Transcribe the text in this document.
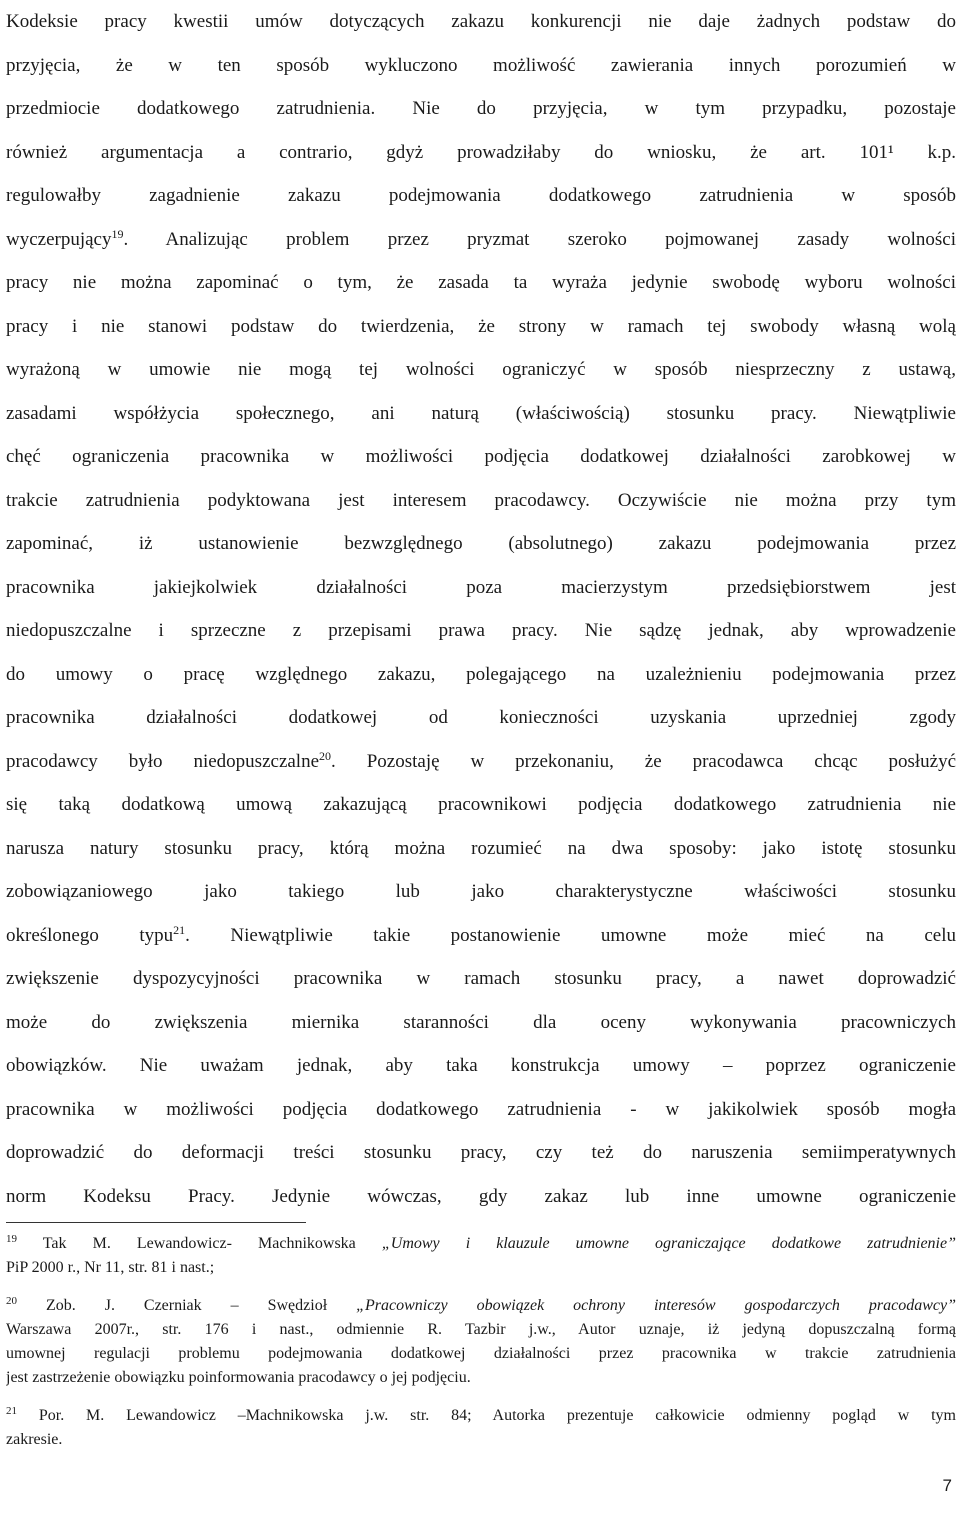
Kodeksie pracy kwestii umów dotyczących zakazu konkurencji nie daje żadnych podstaw do
przyjęcia, że w ten sposób wykluczono możliwość zawierania innych porozumień w
przedmiocie dodatkowego zatrudnienia. Nie do przyjęcia, w tym przypadku, pozostaje
również argumentacja a contrario, gdyż prowadziłaby do wniosku, że art. 101¹ k.p.
regulowałby zagadnienie zakazu podejmowania dodatkowego zatrudnienia w sposób
wyczerpujący$^{19}$. Analizując problem przez pryzmat szeroko pojmowanej zasady wolności
pracy nie można zapominać o tym, że zasada ta wyraża jedynie swobodę wyboru wolności
pracy i nie stanowi podstaw do twierdzenia, że strony w ramach tej swobody własną wolą
wyrażoną w umowie nie mogą tej wolności ograniczyć w sposób niesprzeczny z ustawą,
zasadami współżycia społecznego, ani naturą (właściwością) stosunku pracy. Niewątpliwie
chęć ograniczenia pracownika w możliwości podjęcia dodatkowej działalności zarobkowej w
trakcie zatrudnienia podyktowana jest interesem pracodawcy. Oczywiście nie można przy tym
zapominać, iż ustanowienie bezwzględnego (absolutnego) zakazu podejmowania przez
pracownika jakiejkolwiek działalności poza macierzystym przedsiębiorstwem jest
niedopuszczalne i sprzeczne z przepisami prawa pracy. Nie sądzę jednak, aby wprowadzenie
do umowy o pracę względnego zakazu, polegającego na uzależnieniu podejmowania przez
pracownika działalności dodatkowej od konieczności uzyskania uprzedniej zgody
pracodawcy było niedopuszczalne$^{20}$. Pozostaję w przekonaniu, że pracodawca chcąc posłużyć
się taką dodatkową umową zakazującą pracownikowi podjęcia dodatkowego zatrudnienia nie
narusza natury stosunku pracy, którą można rozumieć na dwa sposoby: jako istotę stosunku
zobowiązaniowego jako takiego lub jako charakterystyczne właściwości stosunku
określonego typu$^{21}$. Niewątpliwie takie postanowienie umowne może mieć na celu
zwiększenie dyspozycyjności pracownika w ramach stosunku pracy, a nawet doprowadzić
może do zwiększenia miernika staranności dla oceny wykonywania pracowniczych
obowiązków. Nie uważam jednak, aby taka konstrukcja umowy – poprzez ograniczenie
pracownika w możliwości podjęcia dodatkowego zatrudnienia - w jakikolwiek sposób mogła
doprowadzić do deformacji treści stosunku pracy, czy też do naruszenia semiimperatywnych
norm Kodeksu Pracy. Jedynie wówczas, gdy zakaz lub inne umowne ograniczenie
$^{19}$ Tak M. Lewandowicz- Machnikowska „Umowy i klauzule umowne ograniczające dodatkowe zatrudnienie”
PiP 2000 r., Nr 11, str. 81 i nast.;
$^{20}$ Zob. J. Czerniak – Swędzioł „Pracowniczy obowiązek ochrony interesów gospodarczych pracodawcy”
Warszawa 2007r., str. 176 i nast., odmiennie R. Tazbir j.w., Autor uznaje, iż jedyną dopuszczalną formą
umownej regulacji problemu podejmowania dodatkowej działalności przez pracownika w trakcie zatrudnienia
jest zastrzeżenie obowiązku poinformowania pracodawcy o jej podjęciu.
$^{21}$ Por. M. Lewandowicz –Machnikowska j.w. str. 84; Autorka prezentuje całkowicie odmienny pogląd w tym
zakresie.
7
